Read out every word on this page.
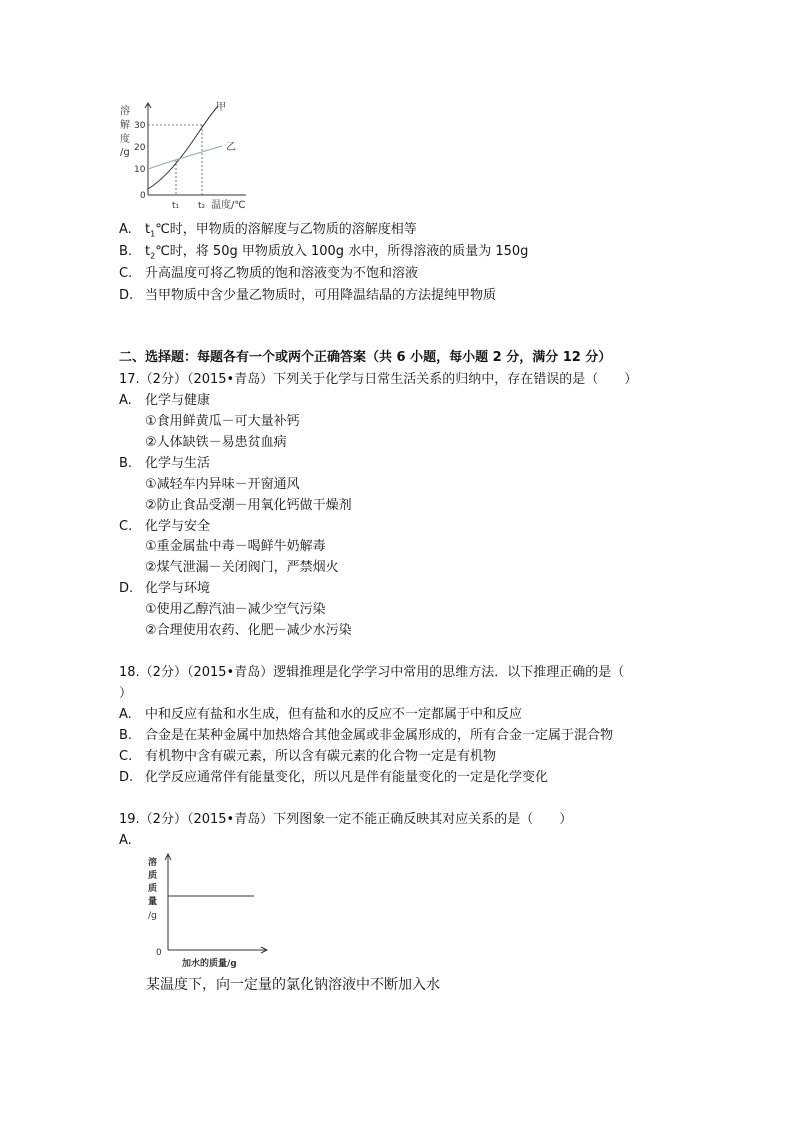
溶
解
度
/g
30
20
10
0
甲
乙
t₁ t₂ 温度/℃
A. $t_1℃$时，甲物质的溶解度与乙物质的溶解度相等
B. $t_2℃$时，将 50g 甲物质放入 100g 水中，所得溶液的质量为 150g
C. 升高温度可将乙物质的饱和溶液变为不饱和溶液
D. 当甲物质中含少量乙物质时，可用降温结晶的方法提纯甲物质
二、选择题：每题各有一个或两个正确答案（共 6 小题，每小题 2 分，满分 12 分）
17.（2分）（2015•青岛）下列关于化学与日常生活关系的归纳中，存在错误的是（　　）
A. 化学与健康
①食用鲜黄瓜－可大量补钙
②人体缺铁－易患贫血病
B. 化学与生活
①减轻车内异味－开窗通风
②防止食品受潮－用氧化钙做干燥剂
C. 化学与安全
①重金属盐中毒－喝鲜牛奶解毒
②煤气泄漏－关闭阀门，严禁烟火
D. 化学与环境
①使用乙醇汽油－减少空气污染
②合理使用农药、化肥－减少水污染
18.（2分）（2015•青岛）逻辑推理是化学学习中常用的思维方法．以下推理正确的是（
）
A. 中和反应有盐和水生成，但有盐和水的反应不一定都属于中和反应
B. 合金是在某种金属中加热熔合其他金属或非金属形成的，所有合金一定属于混合物
C. 有机物中含有碳元素，所以含有碳元素的化合物一定是有机物
D. 化学反应通常伴有能量变化，所以凡是伴有能量变化的一定是化学变化
19.（2分）（2015•青岛）下列图象一定不能正确反映其对应关系的是（　　）
A.
溶
质
质
量
/g
0
加水的质量/g
某温度下，向一定量的氯化钠溶液中不断加入水
